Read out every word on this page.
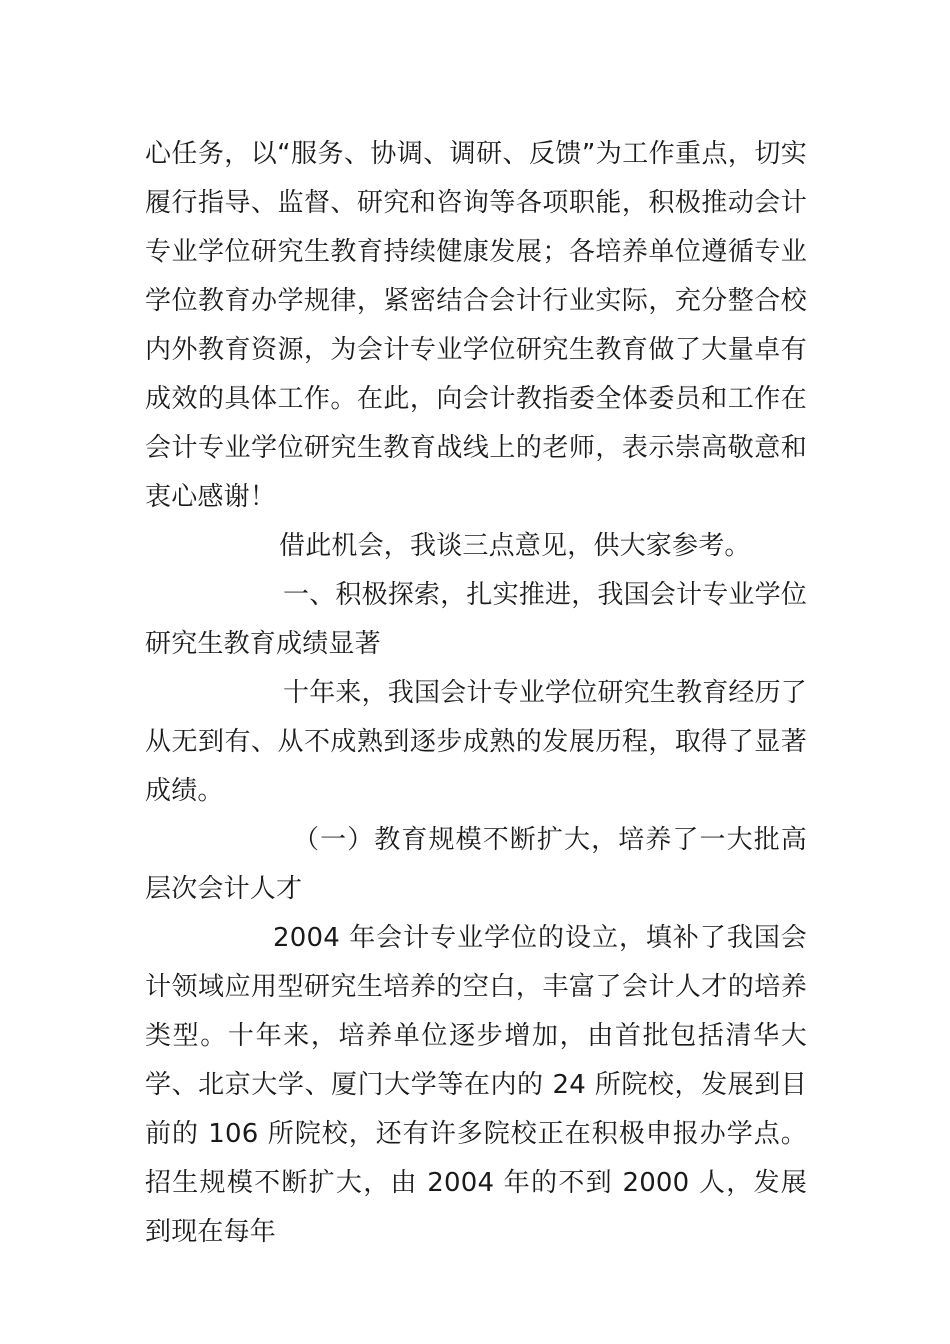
心任务，以“服务、协调、调研、反馈”为工作重点，切实履行指导、监督、研究和咨询等各项职能，积极推动会计专业学位研究生教育持续健康发展；各培养单位遵循专业学位教育办学规律，紧密结合会计行业实际，充分整合校内外教育资源，为会计专业学位研究生教育做了大量卓有成效的具体工作。在此，向会计教指委全体委员和工作在会计专业学位研究生教育战线上的老师，表示崇高敬意和衷心感谢！

借此机会，我谈三点意见，供大家参考。

一、积极探索，扎实推进，我国会计专业学位研究生教育成绩显著

十年来，我国会计专业学位研究生教育经历了从无到有、从不成熟到逐步成熟的发展历程，取得了显著成绩。

（一）教育规模不断扩大，培养了一大批高层次会计人才

2004 年会计专业学位的设立，填补了我国会计领域应用型研究生培养的空白，丰富了会计人才的培养类型。十年来，培养单位逐步增加，由首批包括清华大学、北京大学、厦门大学等在内的 24 所院校，发展到目前的 106 所院校，还有许多院校正在积极申报办学点。招生规模不断扩大，由 2004 年的不到 2000 人，发展到现在每年
